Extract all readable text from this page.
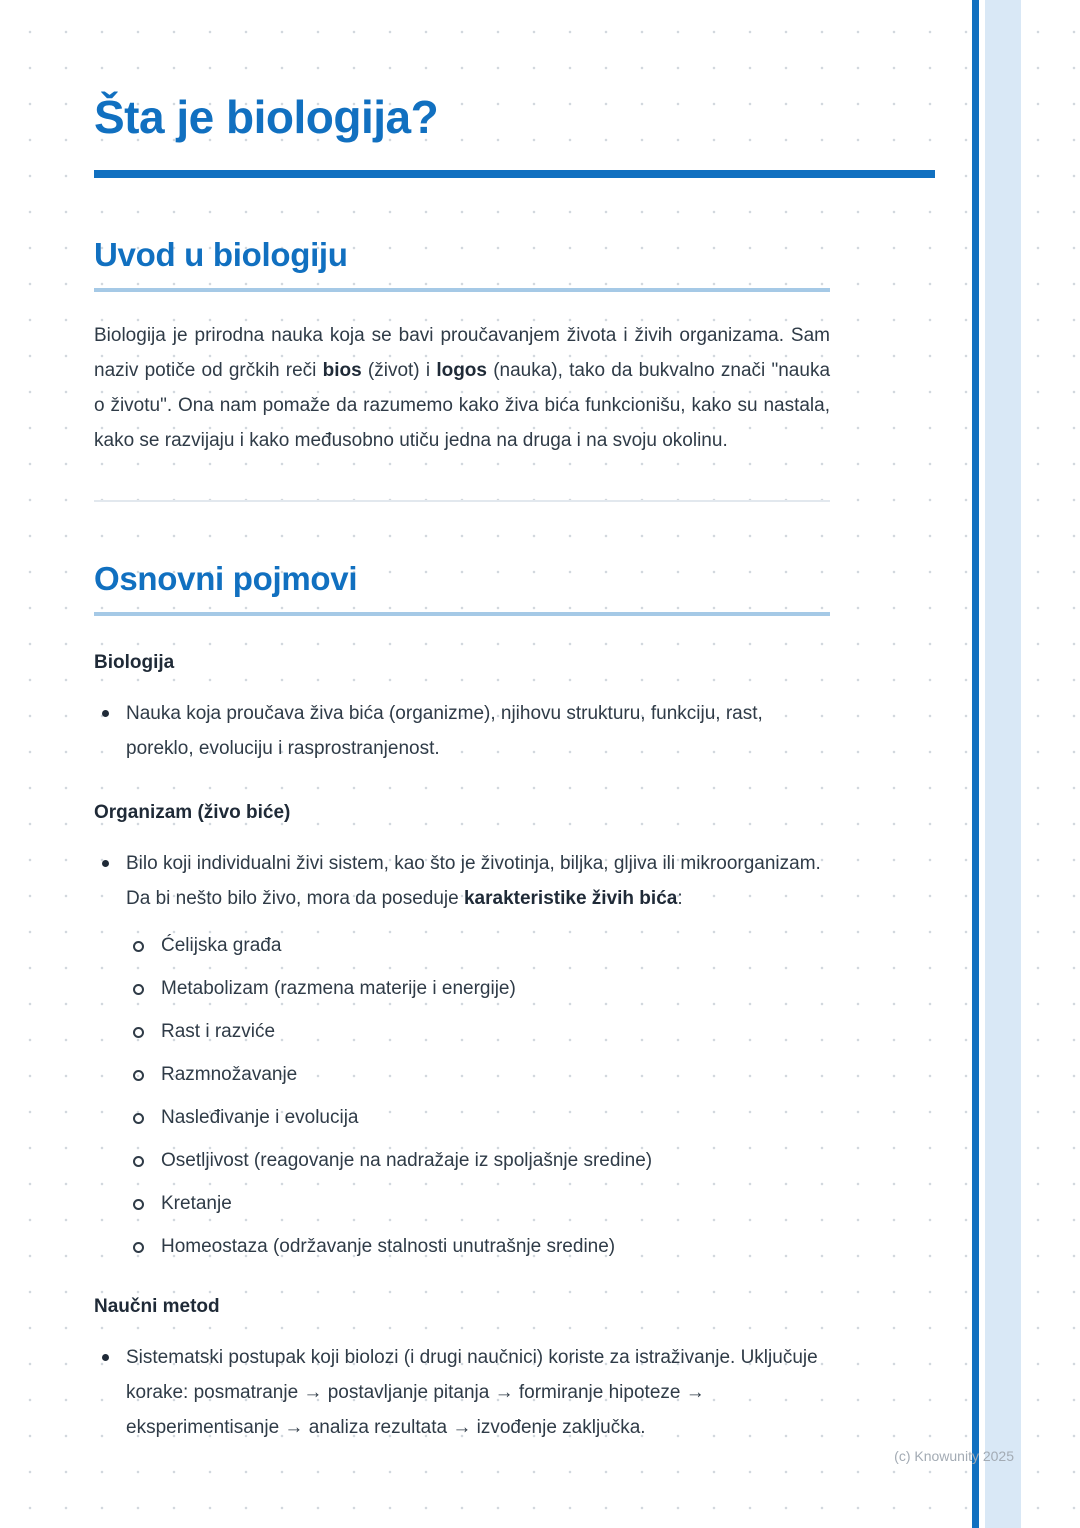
Šta je biologija?
Uvod u biologiju

Biologija je prirodna nauka koja se bavi proučavanjem života i živih organizama. Sam naziv potiče od grčkih reči bios (život) i logos (nauka), tako da bukvalno znači "nauka o životu". Ona nam pomaže da razumemo kako živa bića funkcionišu, kako su nastala, kako se razvijaju i kako međusobno utiču jedna na druga i na svoju okolinu.

Osnovni pojmovi

Biologija

Nauka koja proučava živa bića (organizme), njihovu strukturu, funkciju, rast, poreklo, evoluciju i rasprostranjenost.

Organizam (živo biće)

Bilo koji individualni živi sistem, kao što je životinja, biljka, gljiva ili mikroorganizam. Da bi nešto bilo živo, mora da poseduje karakteristike živih bića:
Ćelijska građa
Metabolizam (razmena materije i energije)
Rast i razviće
Razmnožavanje
Nasleđivanje i evolucija
Osetljivost (reagovanje na nadražaje iz spoljašnje sredine)
Kretanje
Homeostaza (održavanje stalnosti unutrašnje sredine)

Naučni metod

Sistematski postupak koji biolozi (i drugi naučnici) koriste za istraživanje. Uključuje korake: posmatranje → postavljanje pitanja → formiranje hipoteze → eksperimentisanje → analiza rezultata → izvođenje zaključka.
(c) Knowunity 2025
